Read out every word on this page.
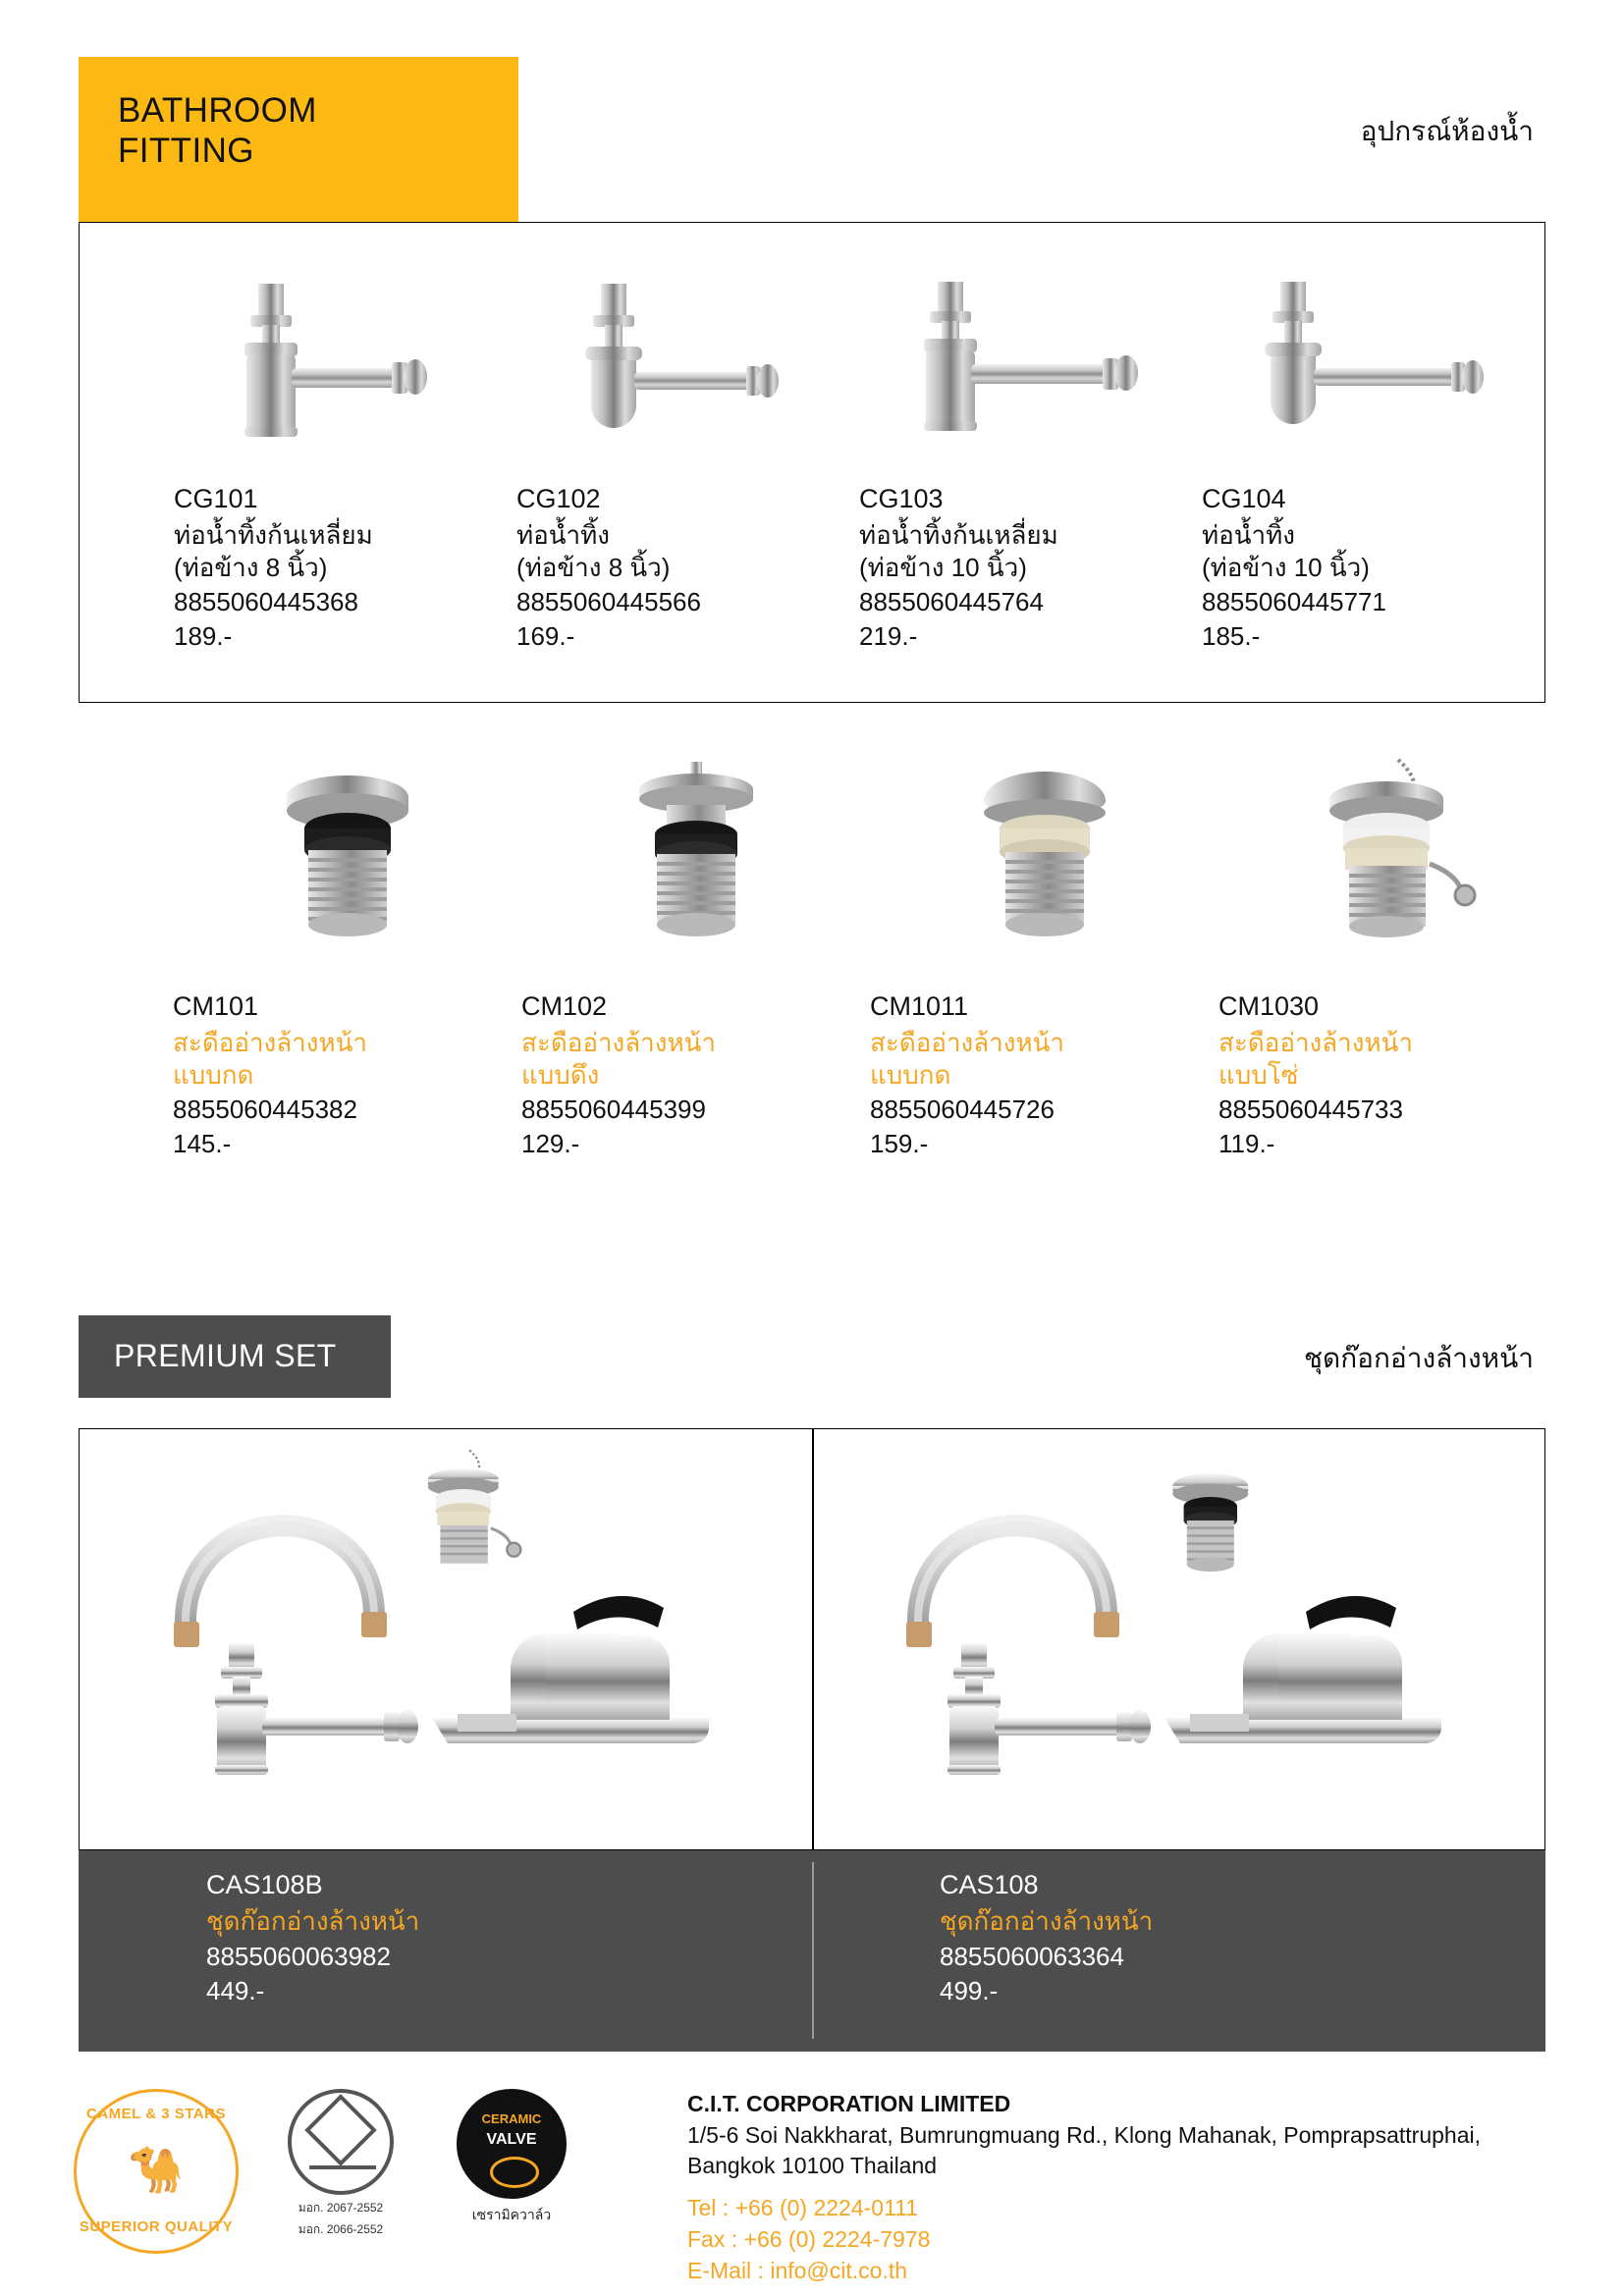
BATHROOM
FITTING
อุปกรณ์ห้องน้ำ
CG101
ท่อน้ำทิ้งก้นเหลี่ยม
(ท่อข้าง 8 นิ้ว)
8855060445368
189.-
CG102
ท่อน้ำทิ้ง
(ท่อข้าง 8 นิ้ว)
8855060445566
169.-
CG103
ท่อน้ำทิ้งก้นเหลี่ยม
(ท่อข้าง 10 นิ้ว)
8855060445764
219.-
CG104
ท่อน้ำทิ้ง
(ท่อข้าง 10 นิ้ว)
8855060445771
185.-
CM101
สะดืออ่างล้างหน้า
แบบกด
8855060445382
145.-
CM102
สะดืออ่างล้างหน้า
แบบดึง
8855060445399
129.-
CM1011
สะดืออ่างล้างหน้า
แบบกด
8855060445726
159.-
CM1030
สะดืออ่างล้างหน้า
แบบโซ่
8855060445733
119.-
PREMIUM SET	ชุดก๊อกอ่างล้างหน้า
CAS108B
ชุดก๊อกอ่างล้างหน้า
8855060063982
449.-
CAS108
ชุดก๊อกอ่างล้างหน้า
8855060063364
499.-
CAMEL & 3 STARS
🐪
SUPERIOR QUALITY
มอก. 2067-2552
มอก. 2066-2552
CERAMIC
VALVE
เซรามิควาล์ว
C.I.T. CORPORATION LIMITED
1/5-6 Soi Nakkharat, Bumrungmuang Rd., Klong Mahanak, Pomprapsattruphai,
Bangkok 10100 Thailand
Tel : +66 (0) 2224-0111
Fax : +66 (0) 2224-7978
E-Mail : info@cit.co.th
